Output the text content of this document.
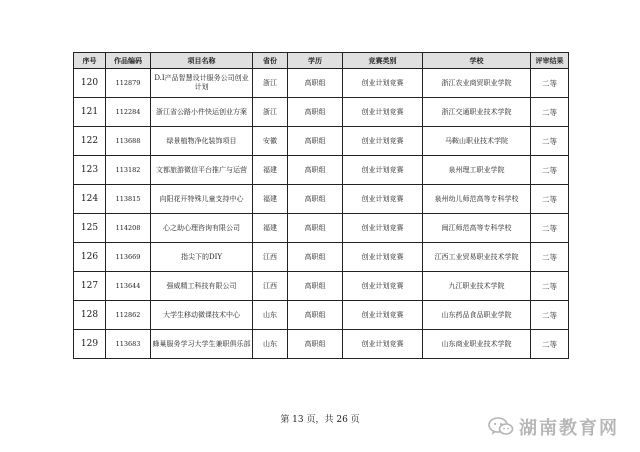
序号	作品编码	项目名称	省份	学历	竞赛类别	学校	评审结果
120	112879	D.I产品智慧设计服务公司创业计划	浙江	高职组	创业计划竞赛	浙江农业商贸职业学院	二等
121	112284	浙江省公路小件快运创业方案	浙江	高职组	创业计划竞赛	浙江交通职业技术学院	二等
122	113688	绿景植物净化装饰项目	安徽	高职组	创业计划竞赛	马鞍山职业技术学院	二等
123	113182	文都旅游微信平台推广与运营	福建	高职组	创业计划竞赛	泉州理工职业学院	二等
124	113815	向阳花开特殊儿童支持中心	福建	高职组	创业计划竞赛	泉州幼儿师范高等专科学校	二等
125	114208	心之助心理咨询有限公司	福建	高职组	创业计划竞赛	闽江师范高等专科学校	二等
126	113669	指尖下的DIY	江西	高职组	创业计划竞赛	江西工业贸易职业技术学院	二等
127	113644	强威精工科技有限公司	江西	高职组	创业计划竞赛	九江职业技术学院	二等
128	112862	大学生移动微课技术中心	山东	高职组	创业计划竞赛	山东药品食品职业学院	二等
129	113683	蜂巢服务学习大学生兼职俱乐部	山东	高职组	创业计划竞赛	山东商业职业技术学院	二等
第 13 页，共 26 页	湖南教育网
